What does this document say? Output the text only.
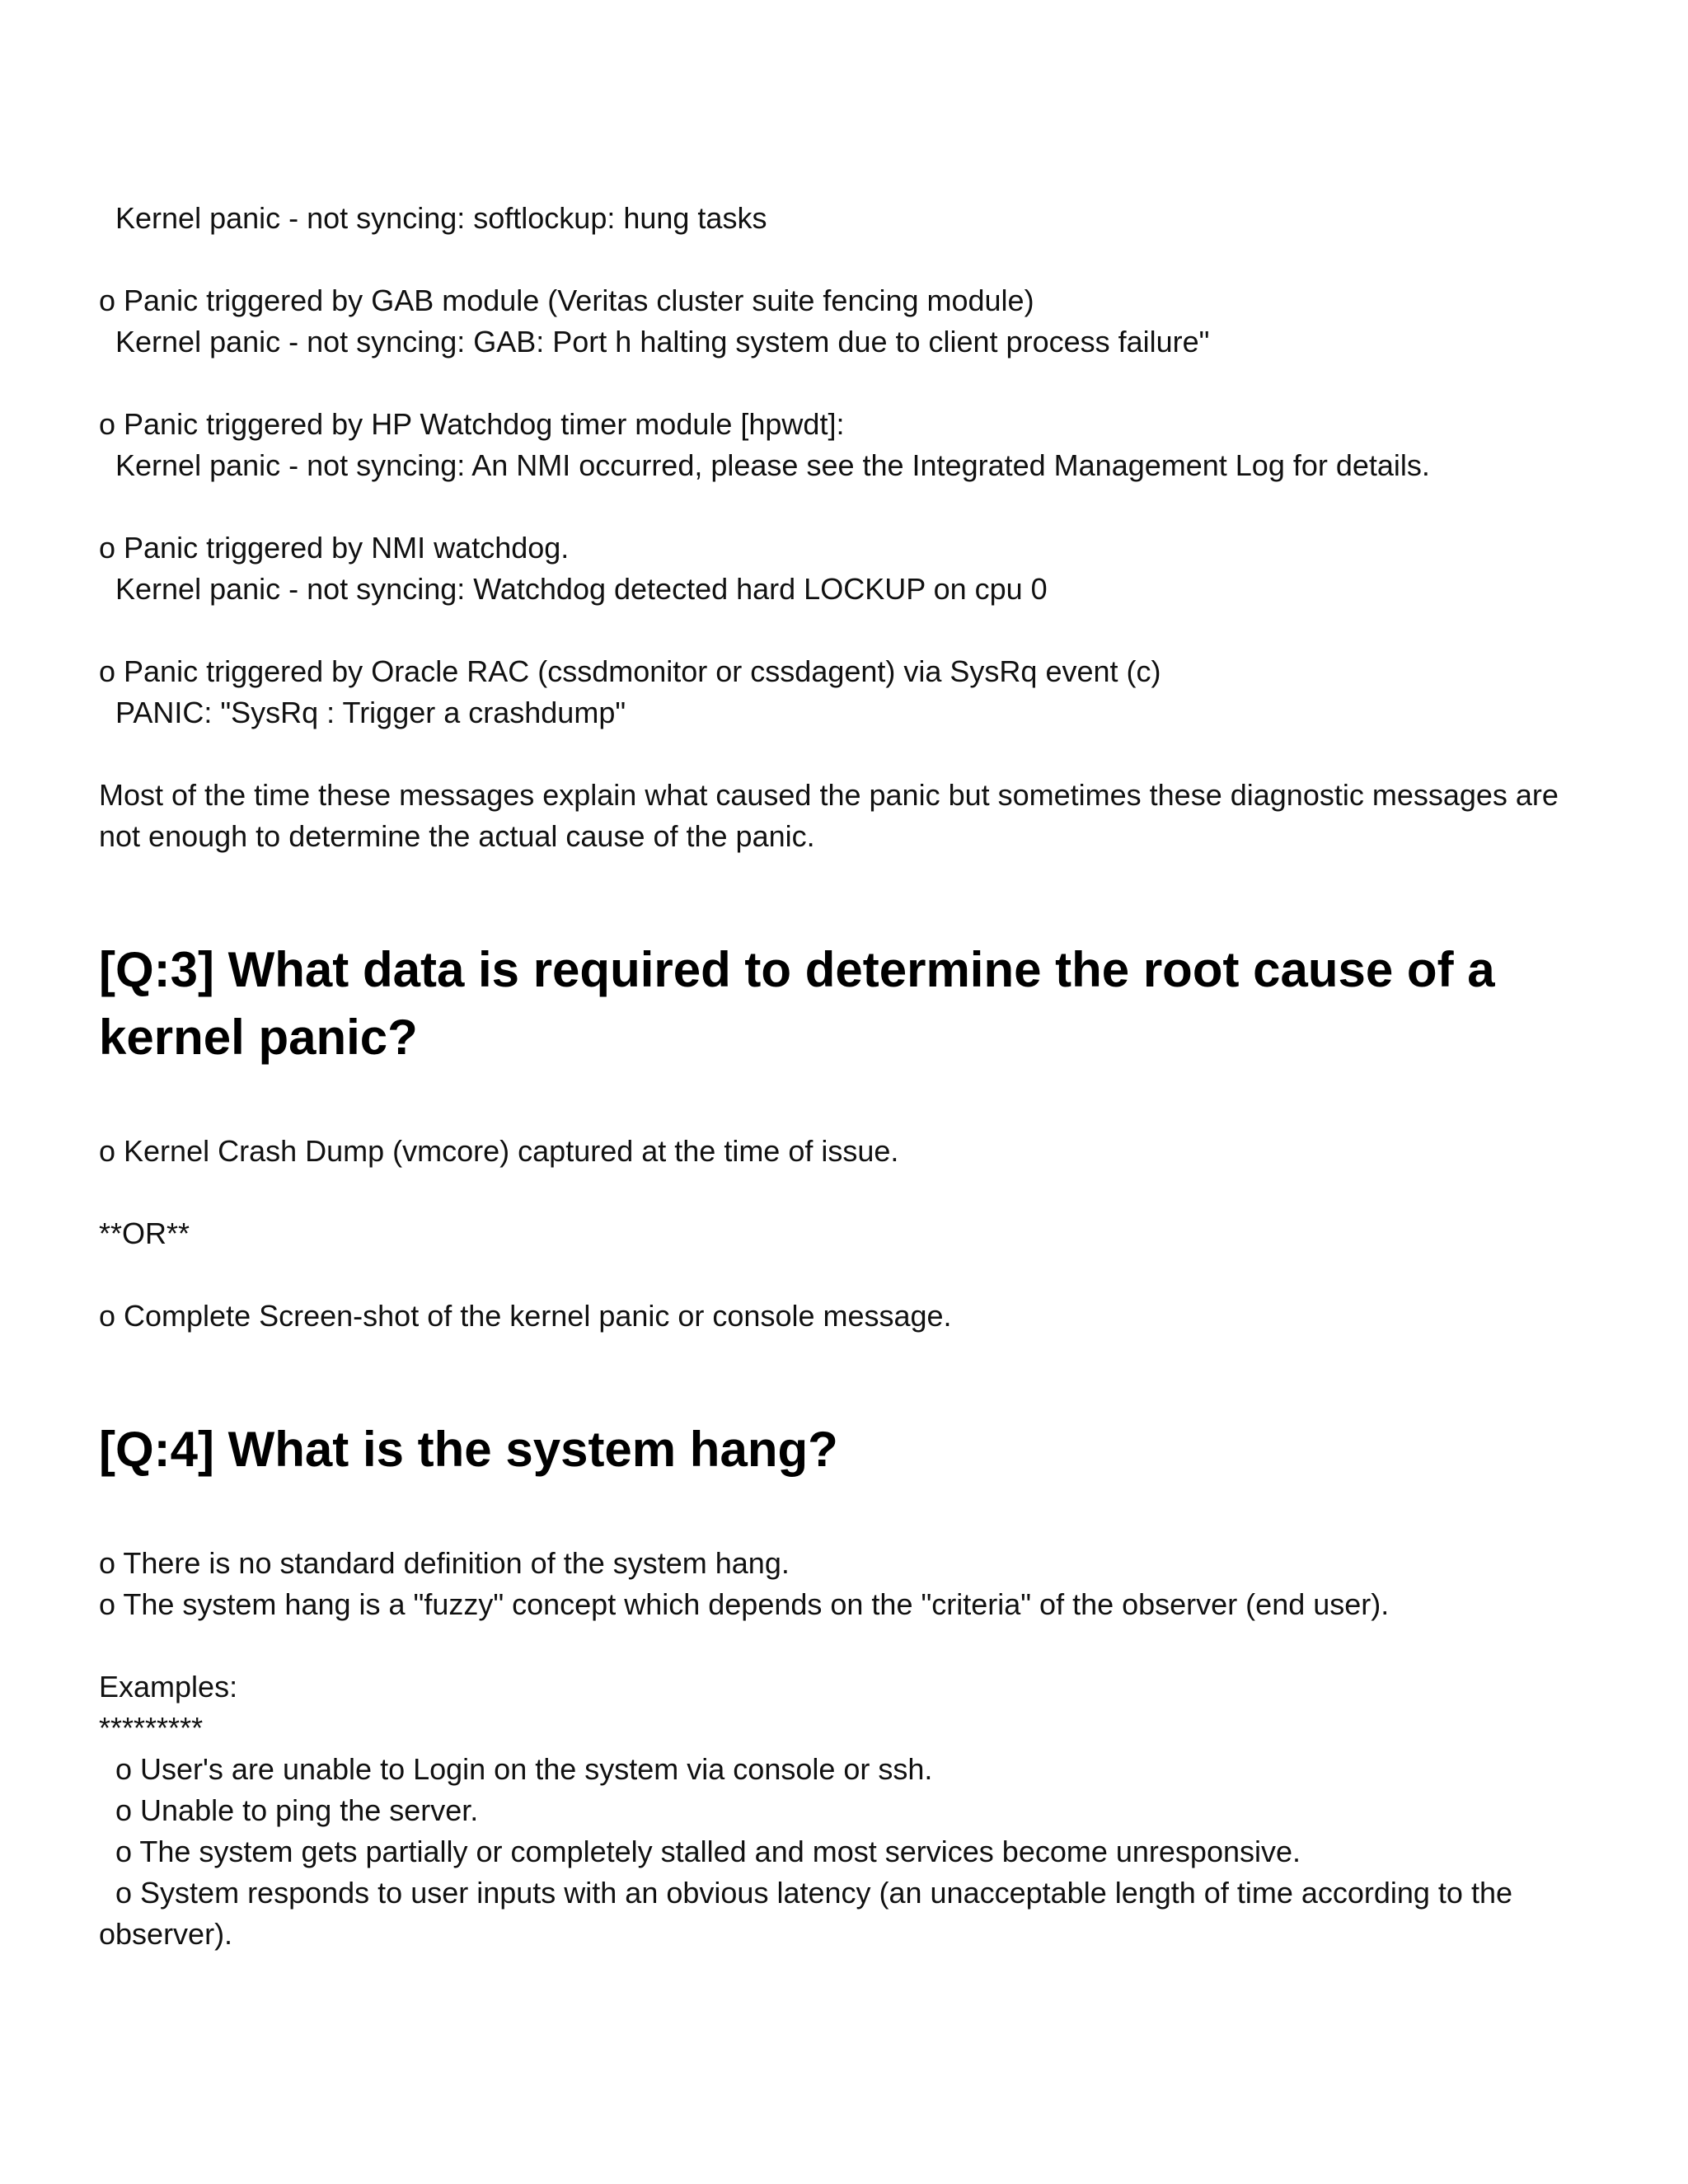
Kernel panic - not syncing: softlockup: hung tasks

o Panic triggered by GAB module (Veritas cluster suite fencing module)

Kernel panic - not syncing: GAB: Port h halting system due to client process failure"

o Panic triggered by HP Watchdog timer module [hpwdt]:

Kernel panic - not syncing: An NMI occurred, please see the Integrated Management Log for details.

o Panic triggered by NMI watchdog.

Kernel panic - not syncing: Watchdog detected hard LOCKUP on cpu 0

o Panic triggered by Oracle RAC (cssdmonitor or cssdagent) via SysRq event (c)

PANIC: "SysRq : Trigger a crashdump"

Most of the time these messages explain what caused the panic but sometimes these diagnostic messages are not enough to determine the actual cause of the panic.

[Q:3] What data is required to determine the root cause of a kernel panic?

o Kernel Crash Dump (vmcore) captured at the time of issue.

**OR**

o Complete Screen-shot of the kernel panic or console message.

[Q:4] What is the system hang?

o There is no standard definition of the system hang.

o The system hang is a "fuzzy" concept which depends on the "criteria" of the observer (end user).

Examples:

*********

o User's are unable to Login on the system via console or ssh.

o Unable to ping the server.

o The system gets partially or completely stalled and most services become unresponsive.

o System responds to user inputs with an obvious latency (an unacceptable length of time according to the observer).
